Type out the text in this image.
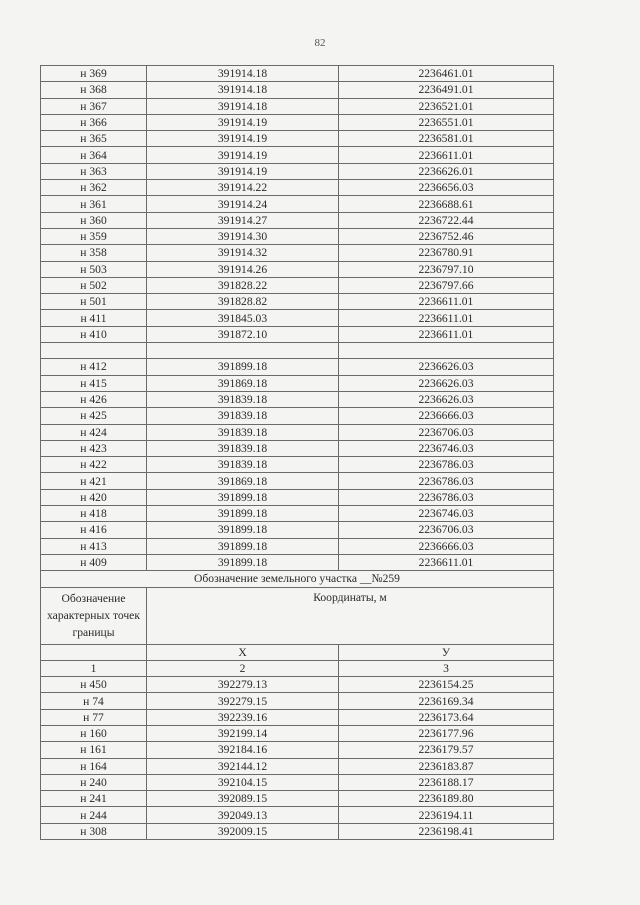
82
н 369	391914.18	2236461.01
н 368	391914.18	2236491.01
н 367	391914.18	2236521.01
н 366	391914.19	2236551.01
н 365	391914.19	2236581.01
н 364	391914.19	2236611.01
н 363	391914.19	2236626.01
н 362	391914.22	2236656.03
н 361	391914.24	2236688.61
н 360	391914.27	2236722.44
н 359	391914.30	2236752.46
н 358	391914.32	2236780.91
н 503	391914.26	2236797.10
н 502	391828.22	2236797.66
н 501	391828.82	2236611.01
н 411	391845.03	2236611.01
н 410	391872.10	2236611.01

н 412	391899.18	2236626.03
н 415	391869.18	2236626.03
н 426	391839.18	2236626.03
н 425	391839.18	2236666.03
н 424	391839.18	2236706.03
н 423	391839.18	2236746.03
н 422	391839.18	2236786.03
н 421	391869.18	2236786.03
н 420	391899.18	2236786.03
н 418	391899.18	2236746.03
н 416	391899.18	2236706.03
н 413	391899.18	2236666.03
н 409	391899.18	2236611.01
Обозначение земельного участка __№259		
Обозначение характерных точек границы	Координаты, м	
	X	У
1	2	3
н 450	392279.13	2236154.25
н 74	392279.15	2236169.34
н 77	392239.16	2236173.64
н 160	392199.14	2236177.96
н 161	392184.16	2236179.57
н 164	392144.12	2236183.87
н 240	392104.15	2236188.17
н 241	392089.15	2236189.80
н 244	392049.13	2236194.11
н 308	392009.15	2236198.41
